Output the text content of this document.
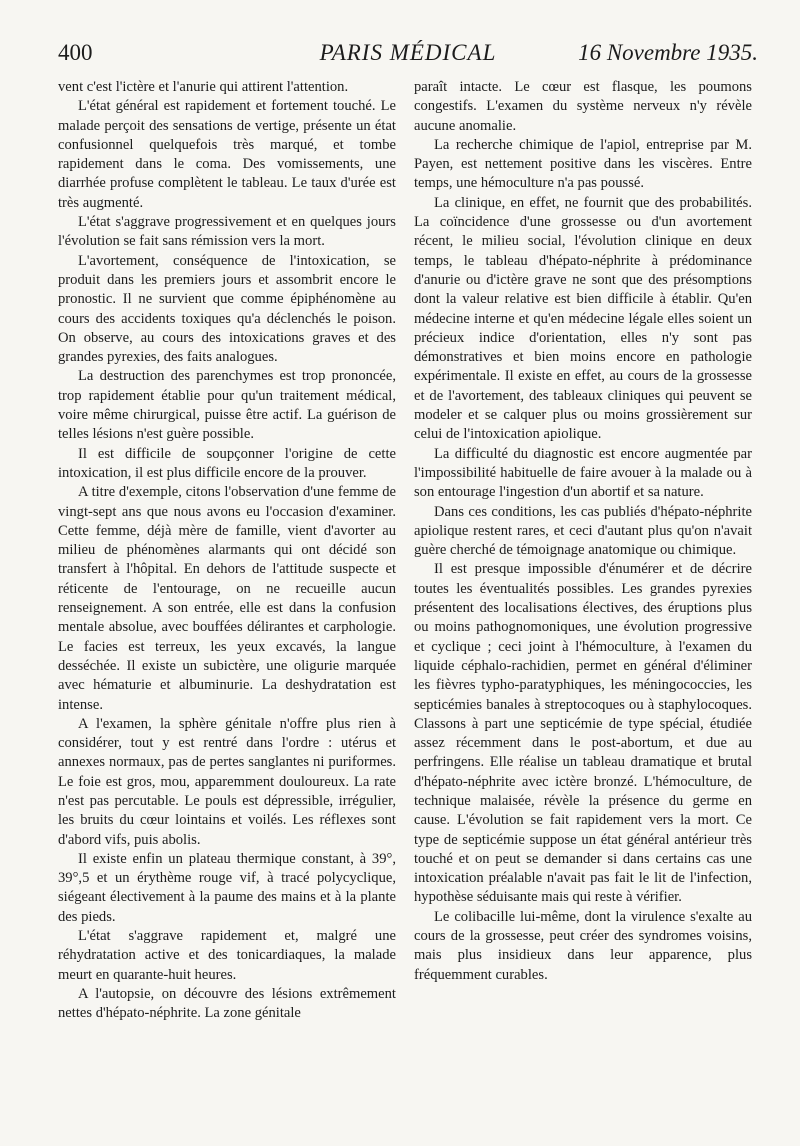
PARIS MÉDICAL
400	16 Novembre 1935.

vent c'est l'ictère et l'anurie qui attirent l'attention.

L'état général est rapidement et fortement touché. Le malade perçoit des sensations de vertige, présente un état confusionnel quelquefois très marqué, et tombe rapidement dans le coma. Des vomissements, une diarrhée profuse complètent le tableau. Le taux d'urée est très augmenté.

L'état s'aggrave progressivement et en quelques jours l'évolution se fait sans rémission vers la mort.

L'avortement, conséquence de l'intoxication, se produit dans les premiers jours et assombrit encore le pronostic. Il ne survient que comme épiphénomène au cours des accidents toxiques qu'a déclenchés le poison. On observe, au cours des intoxications graves et des grandes pyrexies, des faits analogues.

La destruction des parenchymes est trop prononcée, trop rapidement établie pour qu'un traitement médical, voire même chirurgical, puisse être actif. La guérison de telles lésions n'est guère possible.

Il est difficile de soupçonner l'origine de cette intoxication, il est plus difficile encore de la prouver.

A titre d'exemple, citons l'observation d'une femme de vingt-sept ans que nous avons eu l'occasion d'examiner. Cette femme, déjà mère de famille, vient d'avorter au milieu de phénomènes alarmants qui ont décidé son transfert à l'hôpital. En dehors de l'attitude suspecte et réticente de l'entourage, on ne recueille aucun renseignement. A son entrée, elle est dans la confusion mentale absolue, avec bouffées délirantes et carphologie. Le facies est terreux, les yeux excavés, la langue desséchée. Il existe un subictère, une oligurie marquée avec hématurie et albuminurie. La deshydratation est intense.

A l'examen, la sphère génitale n'offre plus rien à considérer, tout y est rentré dans l'ordre : utérus et annexes normaux, pas de pertes sanglantes ni puriformes. Le foie est gros, mou, apparemment douloureux. La rate n'est pas percutable. Le pouls est dépressible, irrégulier, les bruits du cœur lointains et voilés. Les réflexes sont d'abord vifs, puis abolis.

Il existe enfin un plateau thermique constant, à 39°, 39°,5 et un érythème rouge vif, à tracé polycyclique, siégeant électivement à la paume des mains et à la plante des pieds.

L'état s'aggrave rapidement et, malgré une réhydratation active et des tonicardiaques, la malade meurt en quarante-huit heures.

A l'autopsie, on découvre des lésions extrêmement nettes d'hépato-néphrite. La zone génitale

paraît intacte. Le cœur est flasque, les poumons congestifs. L'examen du système nerveux n'y révèle aucune anomalie.

La recherche chimique de l'apiol, entreprise par M. Payen, est nettement positive dans les viscères. Entre temps, une hémoculture n'a pas poussé.

La clinique, en effet, ne fournit que des probabilités. La coïncidence d'une grossesse ou d'un avortement récent, le milieu social, l'évolution clinique en deux temps, le tableau d'hépato-néphrite à prédominance d'anurie ou d'ictère grave ne sont que des présomptions dont la valeur relative est bien difficile à établir. Qu'en médecine interne et qu'en médecine légale elles soient un précieux indice d'orientation, elles n'y sont pas démonstratives et bien moins encore en pathologie expérimentale. Il existe en effet, au cours de la grossesse et de l'avortement, des tableaux cliniques qui peuvent se modeler et se calquer plus ou moins grossièrement sur celui de l'intoxication apiolique.

La difficulté du diagnostic est encore augmentée par l'impossibilité habituelle de faire avouer à la malade ou à son entourage l'ingestion d'un abortif et sa nature.

Dans ces conditions, les cas publiés d'hépato-néphrite apiolique restent rares, et ceci d'autant plus qu'on n'avait guère cherché de témoignage anatomique ou chimique.

Il est presque impossible d'énumérer et de décrire toutes les éventualités possibles. Les grandes pyrexies présentent des localisations électives, des éruptions plus ou moins pathognomoniques, une évolution progressive et cyclique ; ceci joint à l'hémoculture, à l'examen du liquide céphalo-rachidien, permet en général d'éliminer les fièvres typho-paratyphiques, les méningococcies, les septicémies banales à streptocoques ou à staphylocoques. Classons à part une septicémie de type spécial, étudiée assez récemment dans le post-abortum, et due au perfringens. Elle réalise un tableau dramatique et brutal d'hépato-néphrite avec ictère bronzé. L'hémoculture, de technique malaisée, révèle la présence du germe en cause. L'évolution se fait rapidement vers la mort. Ce type de septicémie suppose un état général antérieur très touché et on peut se demander si dans certains cas une intoxication préalable n'avait pas fait le lit de l'infection, hypothèse séduisante mais qui reste à vérifier.

Le colibacille lui-même, dont la virulence s'exalte au cours de la grossesse, peut créer des syndromes voisins, mais plus insidieux dans leur apparence, plus fréquemment curables.
